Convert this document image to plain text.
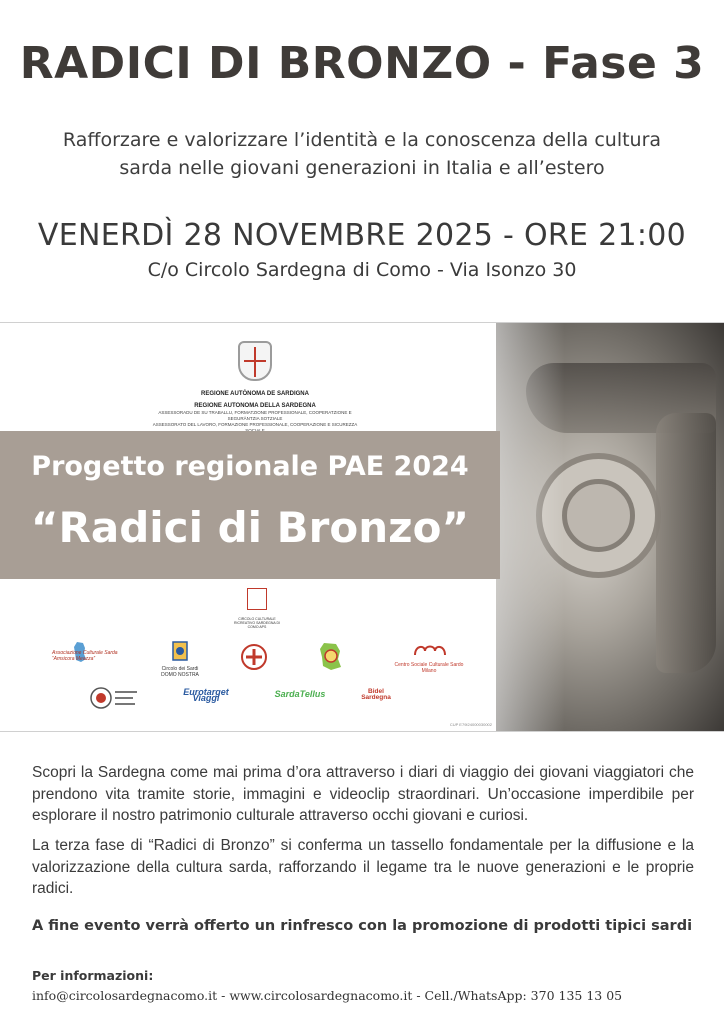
RADICI DI BRONZO - Fase 3
Rafforzare e valorizzare l’identità e la conoscenza della cultura
sarda nelle giovani generazioni in Italia e all’estero
VENERDÌ 28 NOVEMBRE 2025 - ORE 21:00
C/o Circolo Sardegna di Como - Via Isonzo 30
REGIONE AUTÒNOMA DE SARDIGNA
REGIONE AUTONOMA DELLA SARDEGNA
ASSESSORADU DE SU TRABALLU, FORMATZIONE PROFESSIONALE, COOPERATZIONE E SEGURÀNTZIA SOTZIALE
ASSESSORATO DEL LAVORO, FORMAZIONE PROFESSIONALE, COOPERAZIONE E SICUREZZA
Progetto regionale PAE 2024
“Radici di Bronzo”
CIRCOLO CULTURALE RICREATIVO SARDEGNA DI COMO APS
Associazione Culturale Sarda “Amsicora Meazza”
Circolo dei Sardi DOMO NOSTRA
Centro Sociale Culturale Sardo Milano
Eurotarget Viaggi	SardaTellus	Bidel Sardegna
CUP E79I24000030002
Scopri la Sardegna come mai prima d’ora attraverso i diari di viaggio dei giovani viaggiatori che prendono vita tramite storie, immagini e videoclip straordinari. Un’occasione imperdibile per esplorare il nostro patrimonio culturale attraverso occhi giovani e curiosi.
La terza fase di “Radici di Bronzo” si conferma un tassello fondamentale per la diffusione e la valorizzazione della cultura sarda, rafforzando il legame tra le nuove generazioni e le proprie radici.
A fine evento verrà offerto un rinfresco con la promozione di prodotti tipici sardi
Per informazioni:
info@circolosardegnacomo.it - www.circolosardegnacomo.it - Cell./WhatsApp: 370 135 13 05
